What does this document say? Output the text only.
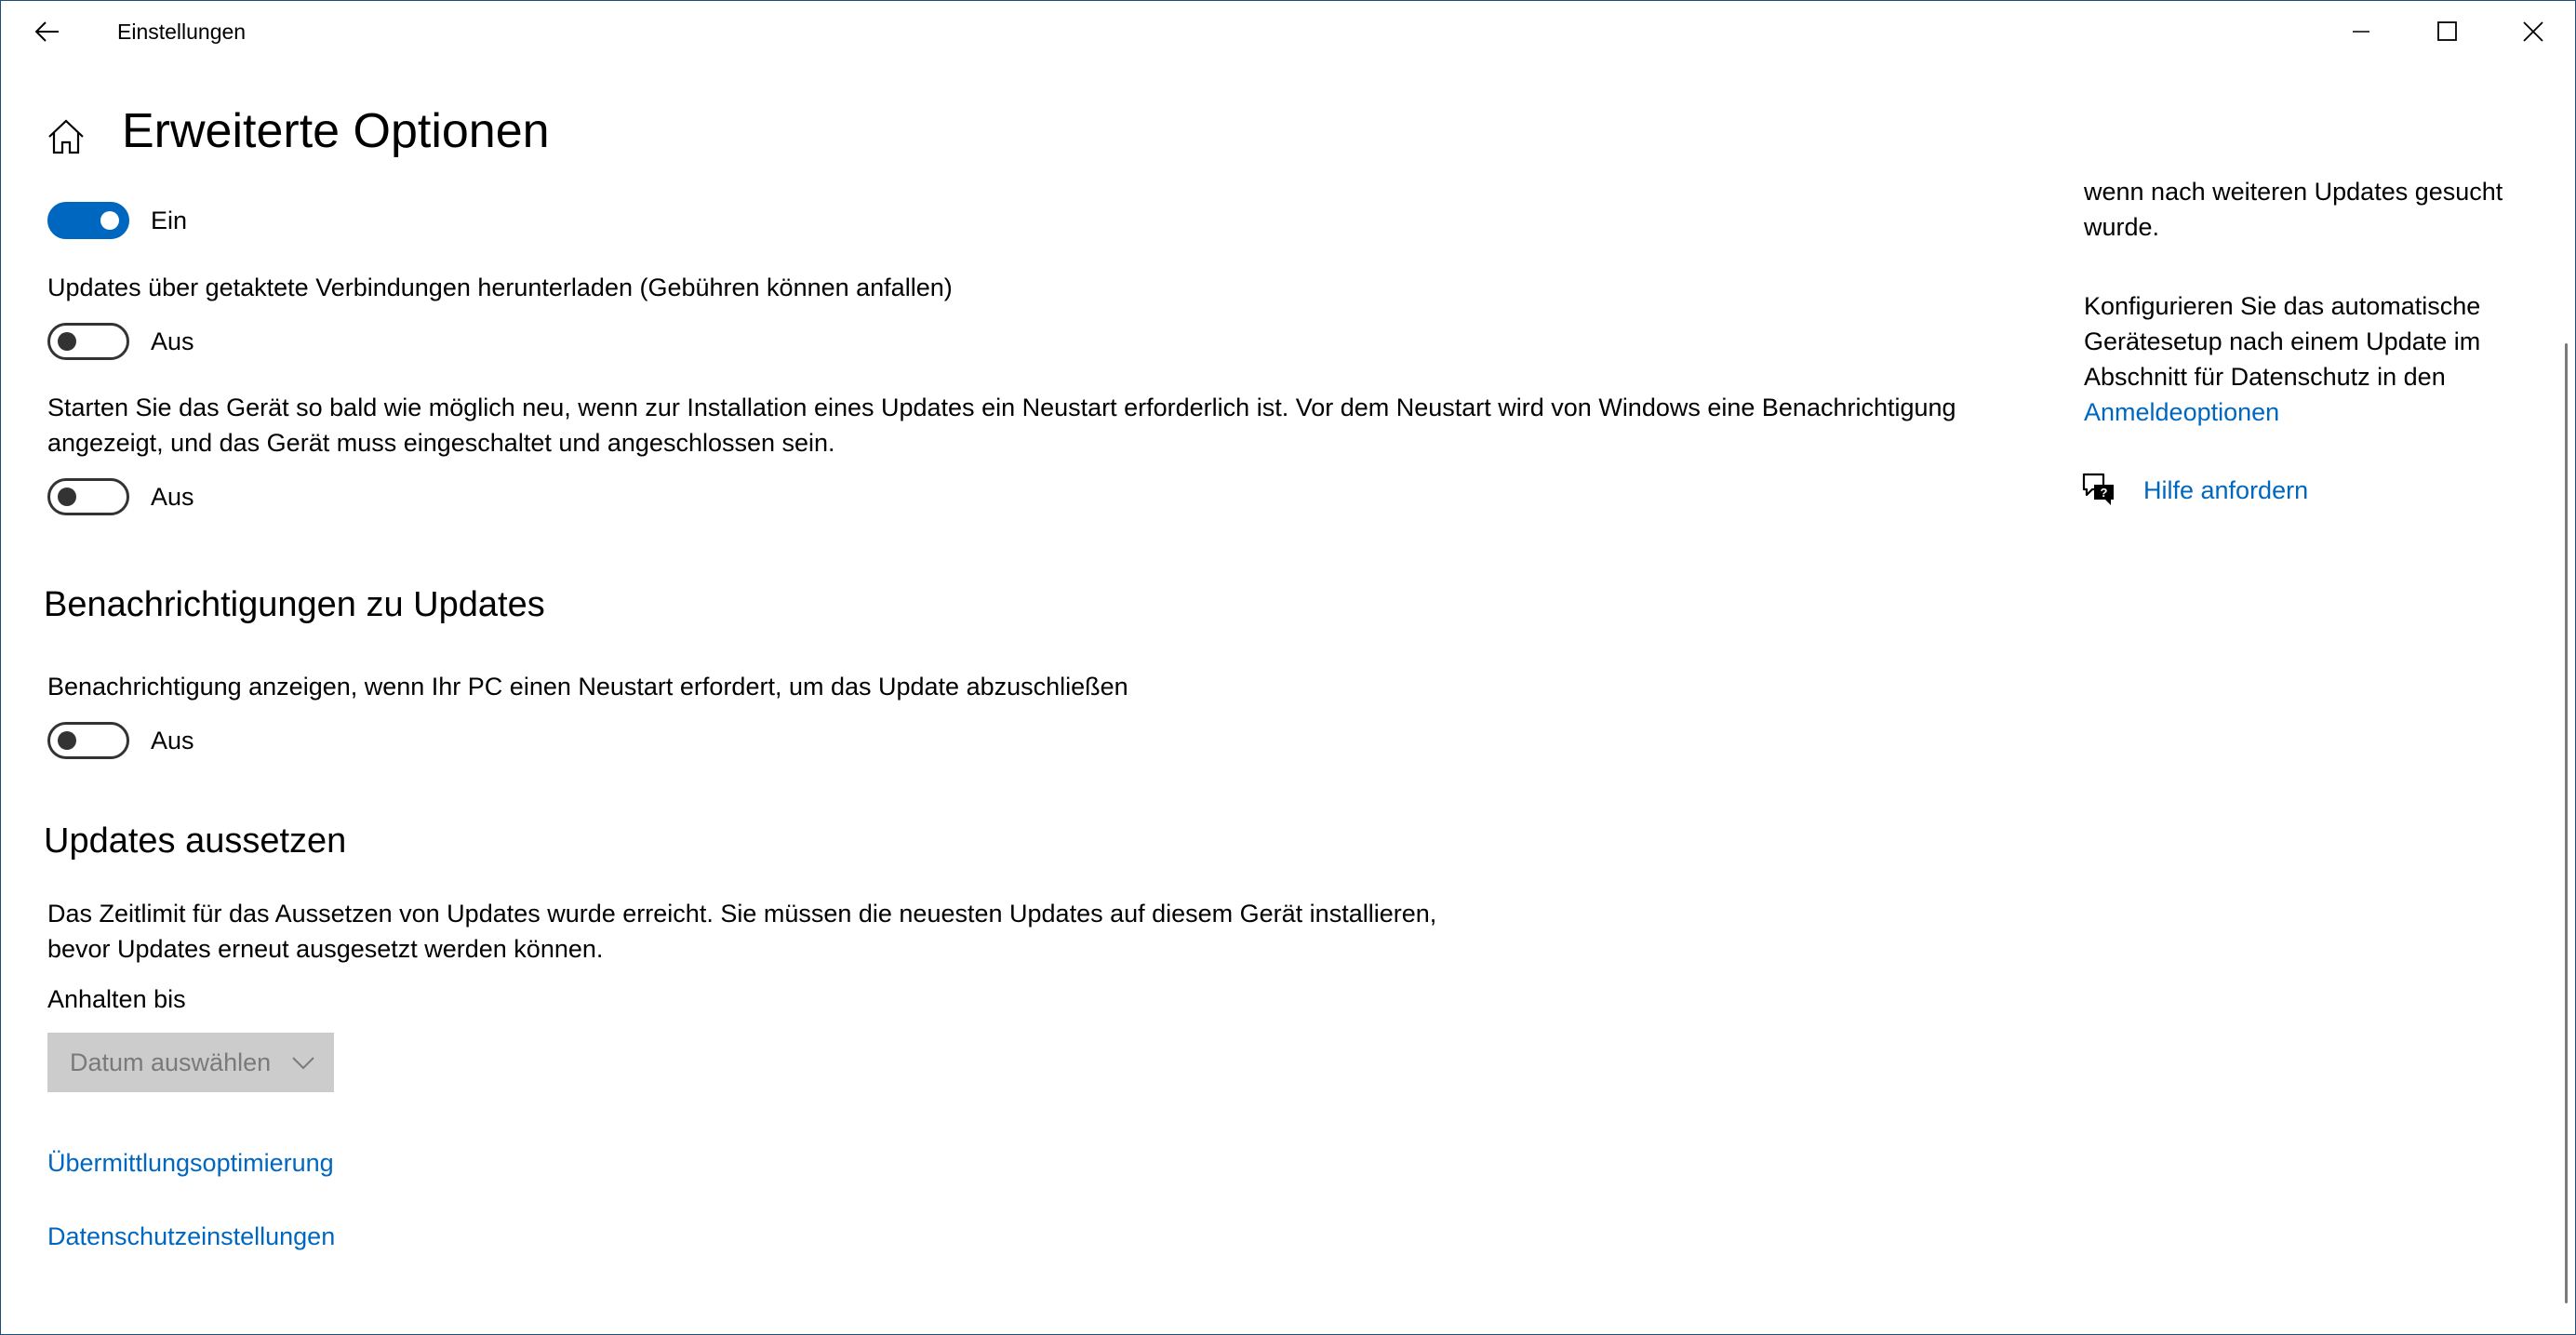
Einstellungen
Erweiterte Optionen
Ein
Updates über getaktete Verbindungen herunterladen (Gebühren können anfallen)
Aus
Starten Sie das Gerät so bald wie möglich neu, wenn zur Installation eines Updates ein Neustart erforderlich ist. Vor dem Neustart wird von Windows eine Benachrichtigung
angezeigt, und das Gerät muss eingeschaltet und angeschlossen sein.
Aus
Benachrichtigungen zu Updates
Benachrichtigung anzeigen, wenn Ihr PC einen Neustart erfordert, um das Update abzuschließen
Aus
Updates aussetzen
Das Zeitlimit für das Aussetzen von Updates wurde erreicht. Sie müssen die neuesten Updates auf diesem Gerät installieren,
bevor Updates erneut ausgesetzt werden können.
Anhalten bis
Datum auswählen
Übermittlungsoptimierung
Datenschutzeinstellungen
wenn nach weiteren Updates gesucht
wurde.
Konfigurieren Sie das automatische
Gerätesetup nach einem Update im
Abschnitt für Datenschutz in den
Anmeldeoptionen
? Hilfe anfordern
